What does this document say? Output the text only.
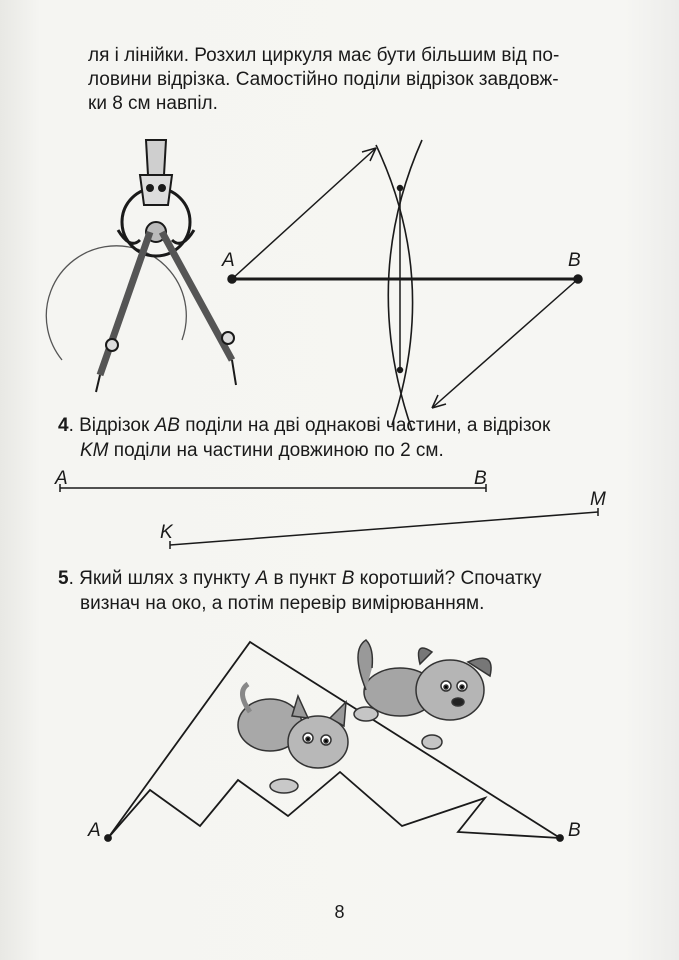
ля і лінійки. Розхил циркуля має бути більшим від по-
ловини відрізка. Самостійно поділи відрізок завдовж-
ки 8 см навпіл.
A	B
A	B
M
K
A	B
4. Відрізок AB поділи на дві однакові частини, а відрізок
KM поділи на частини довжиною по 2 см.
5. Який шлях з пункту A в пункт B коротший? Спочатку
визнач на око, а потім перевір вимірюванням.
8
